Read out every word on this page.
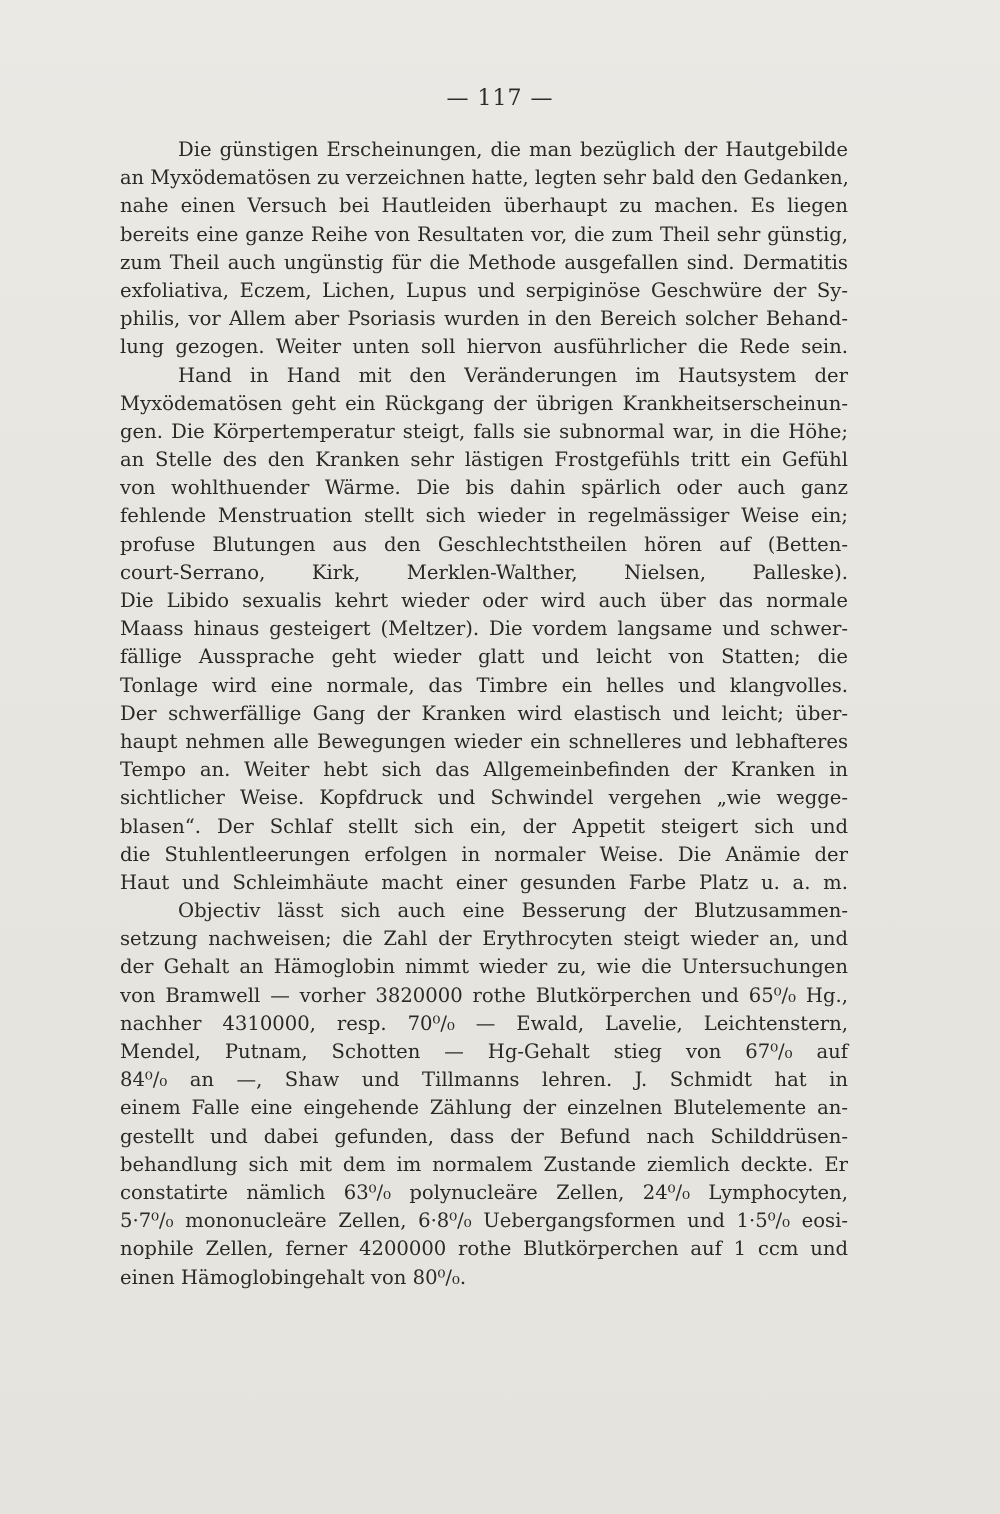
— 117 —
Die günstigen Erscheinungen, die man bezüglich der Hautgebilde
an Myxödematösen zu verzeichnen hatte, legten sehr bald den Gedanken,
nahe einen Versuch bei Hautleiden überhaupt zu machen. Es liegen
bereits eine ganze Reihe von Resultaten vor, die zum Theil sehr günstig,
zum Theil auch ungünstig für die Methode ausgefallen sind. Dermatitis
exfoliativa, Eczem, Lichen, Lupus und serpiginöse Geschwüre der Sy-
philis, vor Allem aber Psoriasis wurden in den Bereich solcher Behand-
lung gezogen. Weiter unten soll hiervon ausführlicher die Rede sein.
Hand in Hand mit den Veränderungen im Hautsystem der
Myxödematösen geht ein Rückgang der übrigen Krankheitserscheinun-
gen. Die Körpertemperatur steigt, falls sie subnormal war, in die Höhe;
an Stelle des den Kranken sehr lästigen Frostgefühls tritt ein Gefühl
von wohlthuender Wärme. Die bis dahin spärlich oder auch ganz
fehlende Menstruation stellt sich wieder in regelmässiger Weise ein;
profuse Blutungen aus den Geschlechtstheilen hören auf (Betten-
court-Serrano, Kirk, Merklen-Walther, Nielsen, Palleske).
Die Libido sexualis kehrt wieder oder wird auch über das normale
Maass hinaus gesteigert (Meltzer). Die vordem langsame und schwer-
fällige Aussprache geht wieder glatt und leicht von Statten; die
Tonlage wird eine normale, das Timbre ein helles und klangvolles.
Der schwerfällige Gang der Kranken wird elastisch und leicht; über-
haupt nehmen alle Bewegungen wieder ein schnelleres und lebhafteres
Tempo an. Weiter hebt sich das Allgemeinbefinden der Kranken in
sichtlicher Weise. Kopfdruck und Schwindel vergehen „wie wegge-
blasen“. Der Schlaf stellt sich ein, der Appetit steigert sich und
die Stuhlentleerungen erfolgen in normaler Weise. Die Anämie der
Haut und Schleimhäute macht einer gesunden Farbe Platz u. a. m.
Objectiv lässt sich auch eine Besserung der Blutzusammen-
setzung nachweisen; die Zahl der Erythrocyten steigt wieder an, und
der Gehalt an Hämoglobin nimmt wieder zu, wie die Untersuchungen
von Bramwell — vorher 3820000 rothe Blutkörperchen und 65⁰/₀ Hg.,
nachher 4310000, resp. 70⁰/₀ — Ewald, Lavelie, Leichtenstern,
Mendel, Putnam, Schotten — Hg-Gehalt stieg von 67⁰/₀ auf
84⁰/₀ an —, Shaw und Tillmanns lehren. J. Schmidt hat in
einem Falle eine eingehende Zählung der einzelnen Blutelemente an-
gestellt und dabei gefunden, dass der Befund nach Schilddrüsen-
behandlung sich mit dem im normalem Zustande ziemlich deckte. Er
constatirte nämlich 63⁰/₀ polynucleäre Zellen, 24⁰/₀ Lymphocyten,
5·7⁰/₀ mononucleäre Zellen, 6·8⁰/₀ Uebergangsformen und 1·5⁰/₀ eosi-
nophile Zellen, ferner 4200000 rothe Blutkörperchen auf 1 ccm und
einen Hämoglobingehalt von 80⁰/₀.
